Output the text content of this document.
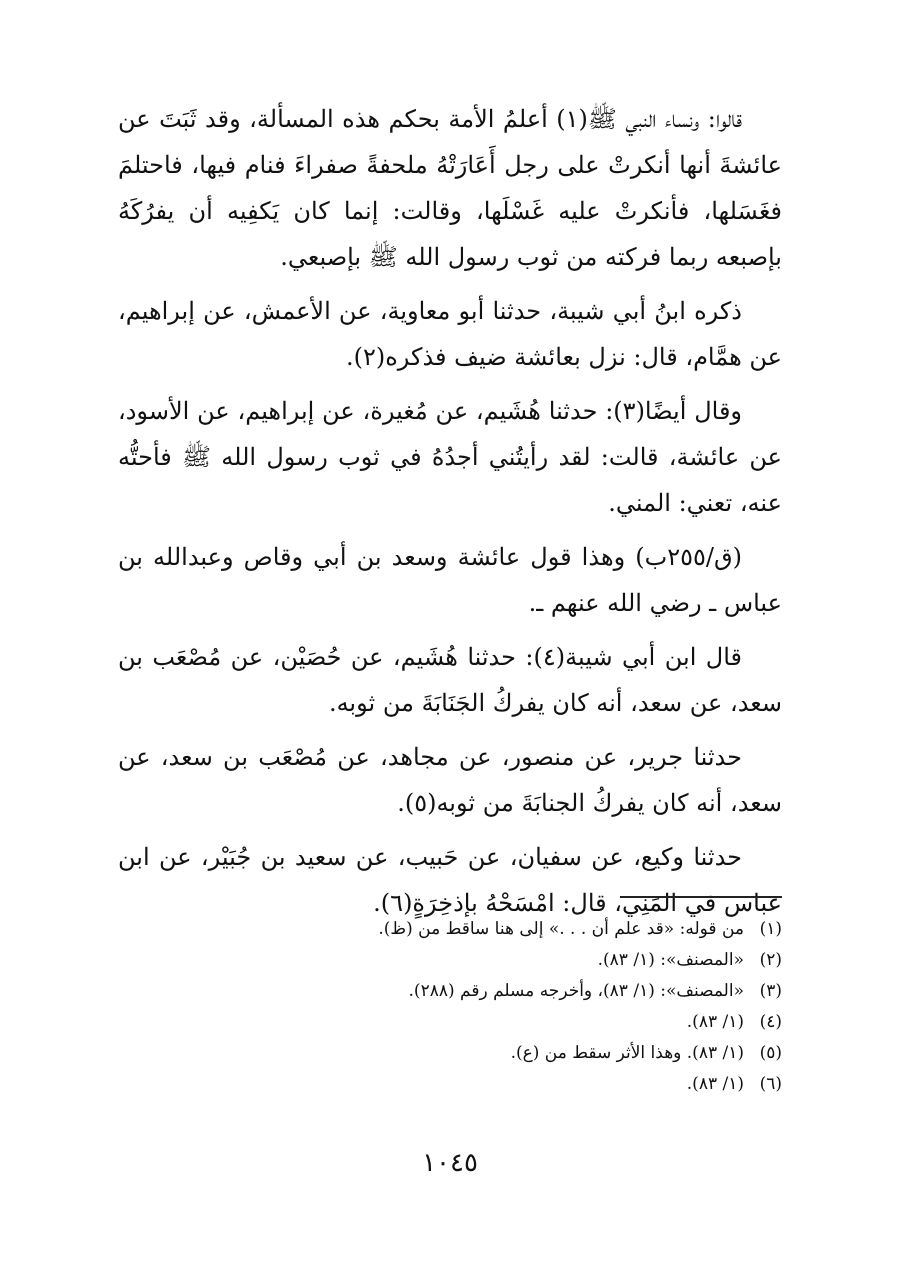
قالوا: ونساء النبي ﷺ(١) أعلمُ الأمة بحكم هذه المسألة، وقد ثَبَتَ عن عائشةَ أنها أنكرتْ على رجل أَعَارَتْهُ ملحفةً صفراءَ فنام فيها، فاحتلمَ فغَسَلها، فأنكرتْ عليه غَسْلَها، وقالت: إنما كان يَكفِيه أن يفرُكَهُ بإصبعه ربما فركته من ثوب رسول الله ﷺ بإصبعي.

ذكره ابنُ أبي شيبة، حدثنا أبو معاوية، عن الأعمش، عن إبراهيم، عن همَّام، قال: نزل بعائشة ضيف فذكره(٢).

وقال أيضًا(٣): حدثنا هُشَيم، عن مُغيرة، عن إبراهيم، عن الأسود، عن عائشة، قالت: لقد رأيتُني أجدُهُ في ثوب رسول الله ﷺ فأحتُّه عنه، تعني: المني.

(ق/٢٥٥ب) وهذا قول عائشة وسعد بن أبي وقاص وعبدالله بن عباس ـ رضي الله عنهم ـ.

قال ابن أبي شيبة(٤): حدثنا هُشَيم، عن حُصَيْن، عن مُصْعَب بن سعد، عن سعد، أنه كان يفركُ الجَنَابَةَ من ثوبه.

حدثنا جرير، عن منصور، عن مجاهد، عن مُصْعَب بن سعد، عن سعد، أنه كان يفركُ الجنابَةَ من ثوبه(٥).

حدثنا وكيع، عن سفيان، عن حَبيب، عن سعيد بن جُبَيْر، عن ابن عباس في المَنِي، قال: امْسَحْهُ بإذخِرَةٍ(٦).

(١)
من قوله: «قد علم أن . . .» إلى هنا ساقط من (ظ).
(٢)
«المصنف»: (١/ ٨٣).
(٣)
«المصنف»: (١/ ٨٣)، وأخرجه مسلم رقم (٢٨٨).
(٤)
(١/ ٨٣).
(٥)
(١/ ٨٣). وهذا الأثر سقط من (ع).
(٦)
(١/ ٨٣).
١٠٤٥
